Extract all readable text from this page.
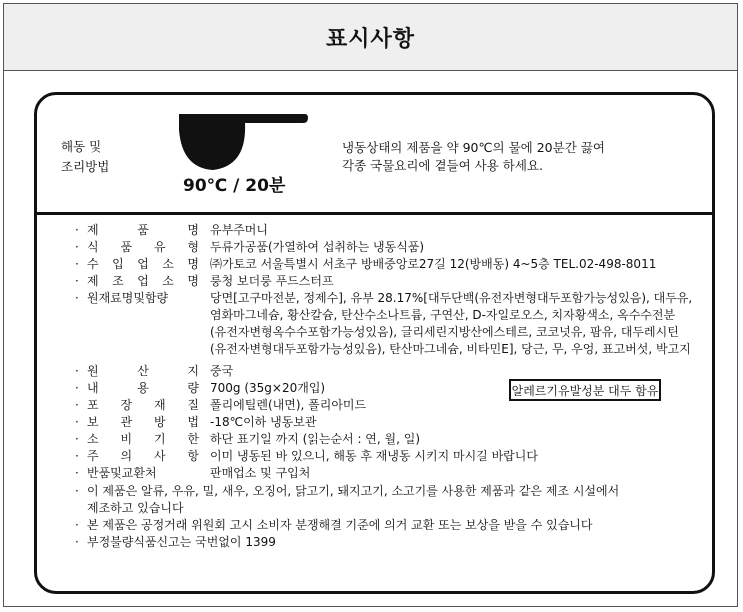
표시사항
해동 및
조리방법
90℃ / 20분
냉동상태의 제품을 약 90℃의 물에 20분간 끓여
각종 국물요리에 곁들여 사용 하세요.
· 제	품	명 유부주머니
· 식 품 유 형 두류가공품(가열하여 섭취하는 냉동식품)
· 수 입 업 소 명 ㈜가토코 서울특별시 서초구 방배중앙로27길 12(방배동) 4~5층 TEL.02-498-8011
· 제 조 업 소 명 룽청 보더룽 푸드스터프
· 원재료명및함량	당면[고구마전분, 정제수], 유부 28.17%[대두단백(유전자변형대두포함가능성있음), 대두유,
염화마그네슘, 황산칼슘, 탄산수소나트륨, 구연산, D-자일로오스, 치자황색소, 옥수수전분
(유전자변형옥수수포함가능성있음), 글리세린지방산에스테르, 코코넛유, 팜유, 대두레시틴
(유전자변형대두포함가능성있음), 탄산마그네슘, 비타민E], 당근, 무, 우엉, 표고버섯, 박고지
· 원	산	지 중국
· 내	용	량 700g (35g×20개입)
· 포 장 재 질 폴리에틸렌(내면), 폴리아미드
· 보 관 방 법 -18℃이하 냉동보관
· 소 비 기 한 하단 표기일 까지 (읽는순서 : 연, 월, 일)
· 주 의 사 항 이미 냉동된 바 있으니, 해동 후 재냉동 시키지 마시길 바랍니다
· 반품및교환처	판매업소 및 구입처
· 이 제품은 알류, 우유, 밀, 새우, 오징어, 닭고기, 돼지고기, 소고기를 사용한 제품과 같은 제조 시설에서
제조하고 있습니다
· 본 제품은 공정거래 위원회 고시 소비자 분쟁해결 기준에 의거 교환 또는 보상을 받을 수 있습니다
· 부정불량식품신고는 국번없이 1399
알레르기유발성분 대두 함유
